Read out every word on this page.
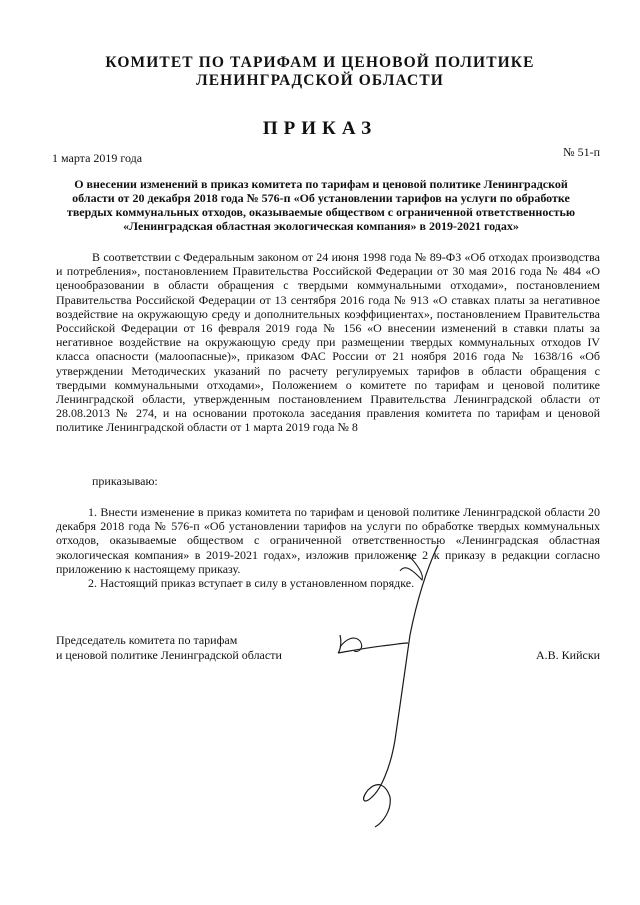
КОМИТЕТ ПО ТАРИФАМ И ЦЕНОВОЙ ПОЛИТИКЕ
ЛЕНИНГРАДСКОЙ ОБЛАСТИ
ПРИКАЗ
1 марта 2019 года	№ 51-п
О внесении изменений в приказ комитета по тарифам и ценовой политике Ленинградской области от 20 декабря 2018 года № 576-п «Об установлении тарифов на услуги по обработке твердых коммунальных отходов, оказываемые обществом с ограниченной ответственностью «Ленинградская областная экологическая компания» в 2019-2021 годах»
В соответствии с Федеральным законом от 24 июня 1998 года № 89-ФЗ «Об отходах производства и потребления», постановлением Правительства Российской Федерации от 30 мая 2016 года № 484 «О ценообразовании в области обращения с твердыми коммунальными отходами», постановлением Правительства Российской Федерации от 13 сентября 2016 года № 913 «О ставках платы за негативное воздействие на окружающую среду и дополнительных коэффициентах», постановлением Правительства Российской Федерации от 16 февраля 2019 года № 156 «О внесении изменений в ставки платы за негативное воздействие на окружающую среду при размещении твердых коммунальных отходов IV класса опасности (малоопасные)», приказом ФАС России от 21 ноября 2016 года № 1638/16 «Об утверждении Методических указаний по расчету регулируемых тарифов в области обращения с твердыми коммунальными отходами», Положением о комитете по тарифам и ценовой политике Ленинградской области, утвержденным постановлением Правительства Ленинградской области от 28.08.2013 № 274, и на основании протокола заседания правления комитета по тарифам и ценовой политике Ленинградской области от 1 марта 2019 года № 8
приказываю:
1. Внести изменение в приказ комитета по тарифам и ценовой политике Ленинградской области 20 декабря 2018 года № 576-п «Об установлении тарифов на услуги по обработке твердых коммунальных отходов, оказываемые обществом с ограниченной ответственностью «Ленинградская областная экологическая компания» в 2019-2021 годах», изложив приложение 2 к приказу в редакции согласно приложению к настоящему приказу.
2. Настоящий приказ вступает в силу в установленном порядке.
Председатель комитета по тарифам
и ценовой политике Ленинградской области	А.В. Кийски
